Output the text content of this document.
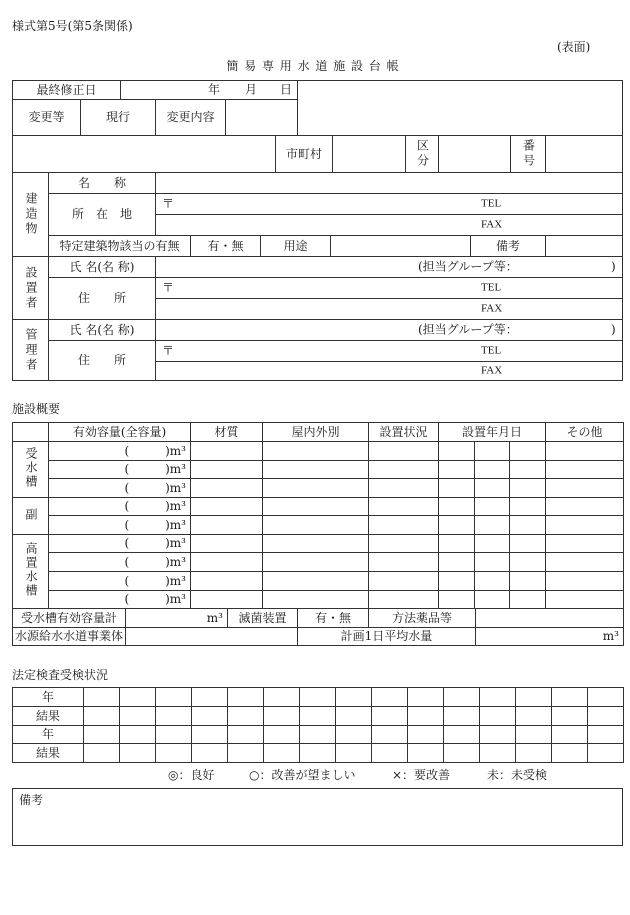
様式第5号(第5条関係)
(表面)
簡 易 専 用 水 道 施 設 台 帳
最終修正日	年 月 日
変更等	現行	変更内容
市町村	区分	番号
建造物
名　　称
所　在　地
〒	TEL
FAX
特定建築物該当の有無	有・無	用途	備考
設置者	氏 名(名 称)	(担当グループ等：	)
住　　所
〒	TEL
FAX
管理者	氏 名(名 称)	(担当グループ等：	)
住　　所
〒	TEL
FAX
施設概要
	有効容量(全容量)	材質	屋内外別	設置状況	設置年月日			その他
受水槽	(　　　)m³							
	(　　　)m³							
	(　　　)m³							
副	(　　　)m³							
	(　　　)m³							
高置水槽	(　　　)m³							
	(　　　)m³							
	(　　　)m³							
	(　　　)m³							
受水槽有効容量計	m³	滅菌装置	有・無	方法薬品等	
水源給水水道事業体			計画1日平均水量		m³
法定検査受検状況
年															
結果															
年															
結果															
◎：良好	○：改善が望ましい	×：要改善	未：未受検
備考
